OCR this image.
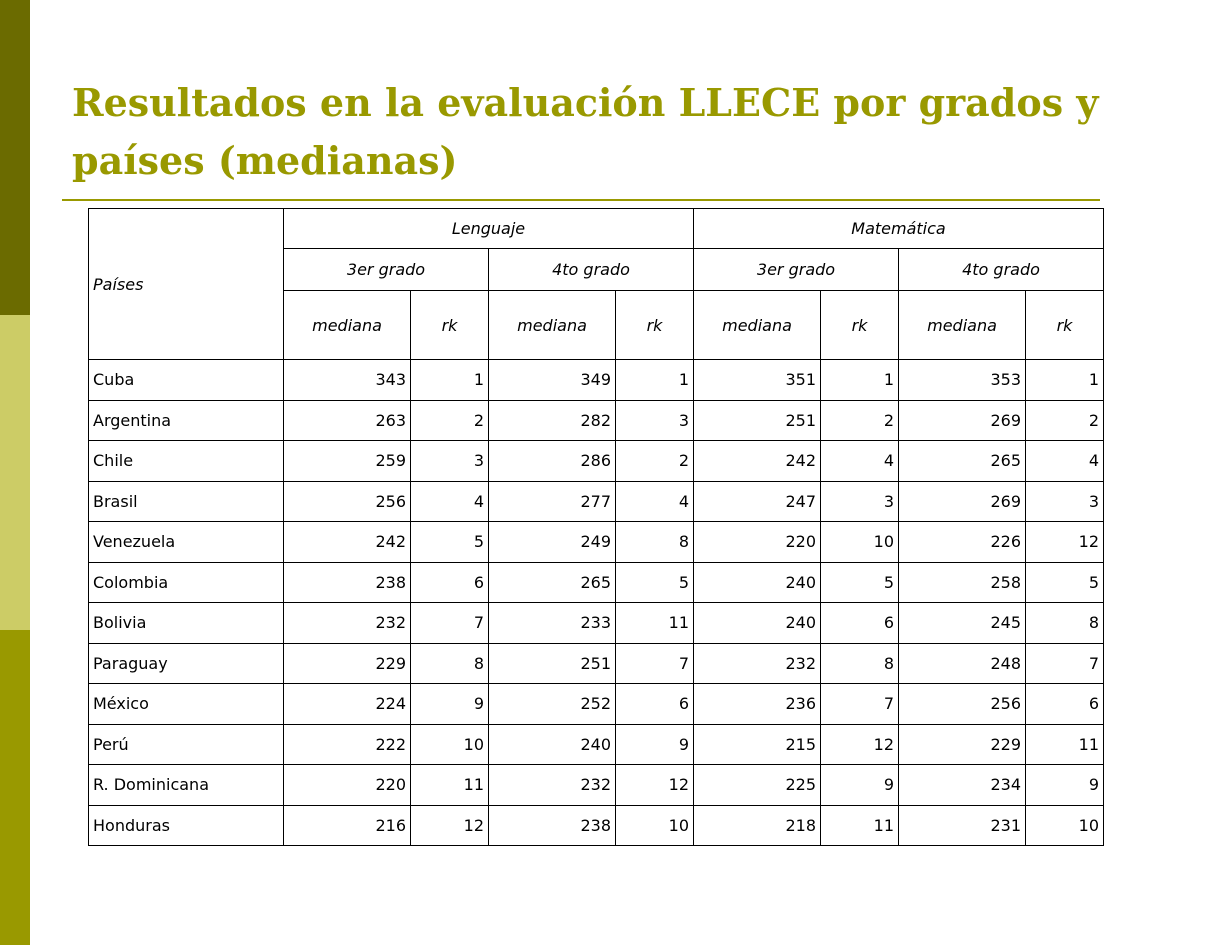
Resultados en la evaluación LLECE por grados y países (medianas)
Países	Lenguaje				Matemática			
	3er grado		4to grado		3er grado		4to grado	
	mediana	rk	mediana	rk	mediana	rk	mediana	rk
Cuba	343	1	349	1	351	1	353	1
Argentina	263	2	282	3	251	2	269	2
Chile	259	3	286	2	242	4	265	4
Brasil	256	4	277	4	247	3	269	3
Venezuela	242	5	249	8	220	10	226	12
Colombia	238	6	265	5	240	5	258	5
Bolivia	232	7	233	11	240	6	245	8
Paraguay	229	8	251	7	232	8	248	7
México	224	9	252	6	236	7	256	6
Perú	222	10	240	9	215	12	229	11
R. Dominicana	220	11	232	12	225	9	234	9
Honduras	216	12	238	10	218	11	231	10
